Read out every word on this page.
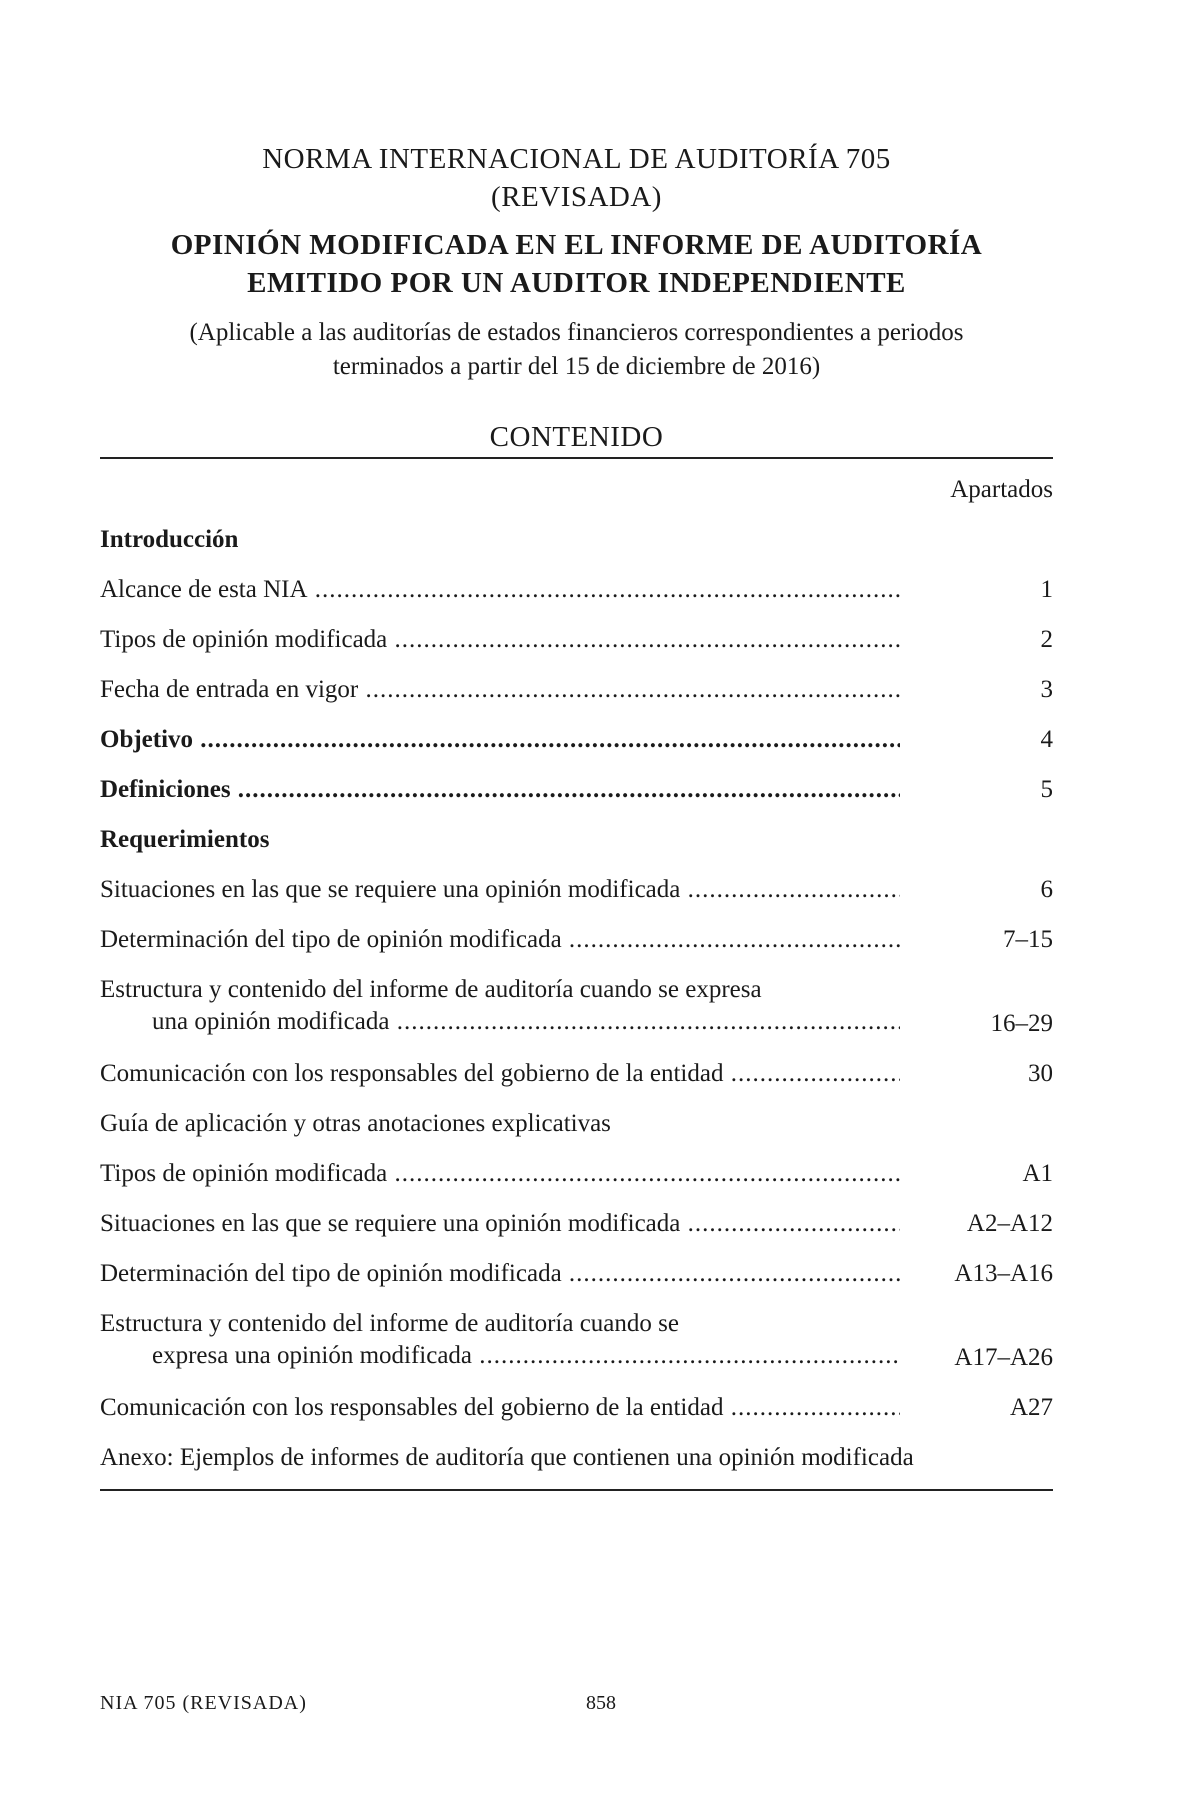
NORMA INTERNACIONAL DE AUDITORÍA 705
(REVISADA)
OPINIÓN MODIFICADA EN EL INFORME DE AUDITORÍA
EMITIDO POR UN AUDITOR INDEPENDIENTE

(Aplicable a las auditorías de estados financieros correspondientes a periodos
terminados a partir del 15 de diciembre de 2016)

CONTENIDO
Apartados
Introducción
Alcance de esta NIA .....	1
Tipos de opinión modificada .....	2
Fecha de entrada en vigor .....	3
Objetivo .....	4
Definiciones .....	5
Requerimientos
Situaciones en las que se requiere una opinión modificada .....	6
Determinación del tipo de opinión modificada .....	7–15
Estructura y contenido del informe de auditoría cuando se expresa
una opinión modificada .....	16–29
Comunicación con los responsables del gobierno de la entidad .....	30
Guía de aplicación y otras anotaciones explicativas
Tipos de opinión modificada .....	A1
Situaciones en las que se requiere una opinión modificada .....	A2–A12
Determinación del tipo de opinión modificada .....	A13–A16
Estructura y contenido del informe de auditoría cuando se
expresa una opinión modificada .....	A17–A26
Comunicación con los responsables del gobierno de la entidad .....	A27
Anexo: Ejemplos de informes de auditoría que contienen una opinión modificada
NIA 705 (REVISADA)	858
